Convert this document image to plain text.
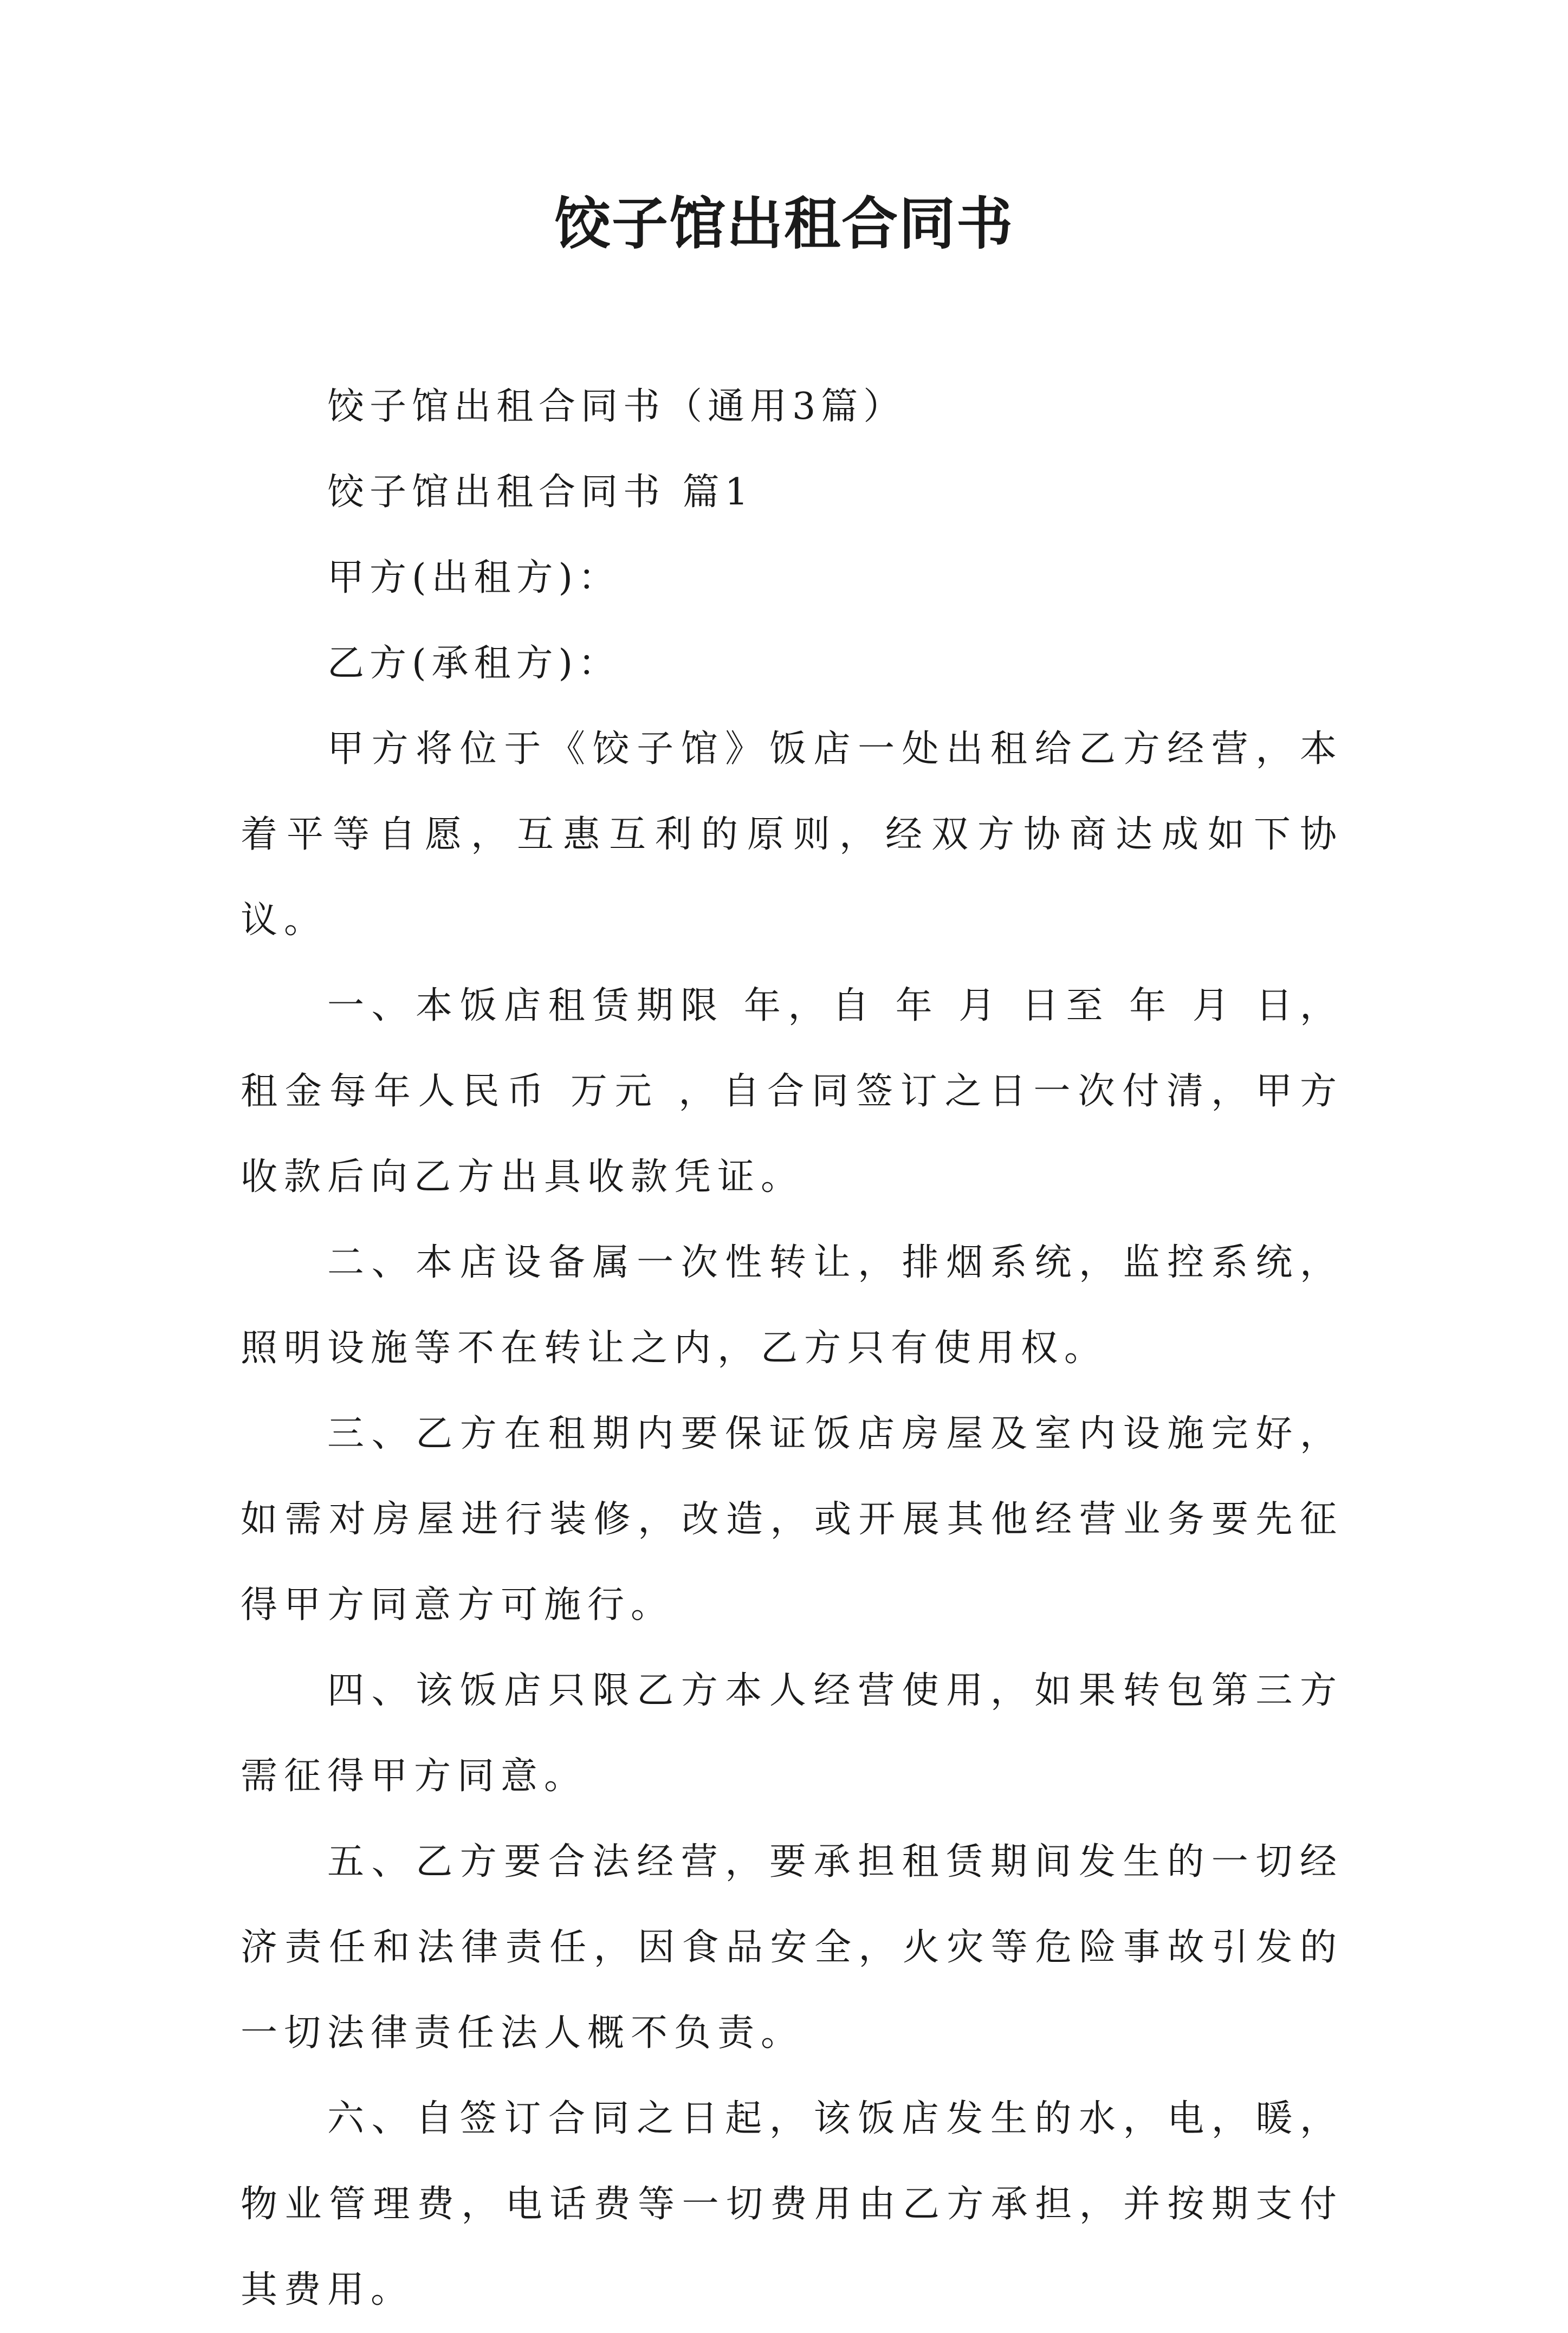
饺子馆出租合同书

饺子馆出租合同书（通用3篇）

饺子馆出租合同书 篇1

甲方(出租方)：

乙方(承租方)：

甲方将位于《饺子馆》饭店一处出租给乙方经营，本着平等自愿，互惠互利的原则，经双方协商达成如下协议。

一、本饭店租赁期限 年，自 年 月 日至 年 月 日，租金每年人民币 万元 ，自合同签订之日一次付清，甲方收款后向乙方出具收款凭证。

二、本店设备属一次性转让，排烟系统，监控系统，照明设施等不在转让之内，乙方只有使用权。

三、乙方在租期内要保证饭店房屋及室内设施完好，如需对房屋进行装修，改造，或开展其他经营业务要先征得甲方同意方可施行。

四、该饭店只限乙方本人经营使用，如果转包第三方需征得甲方同意。

五、乙方要合法经营，要承担租赁期间发生的一切经济责任和法律责任，因食品安全，火灾等危险事故引发的一切法律责任法人概不负责。

六、自签订合同之日起，该饭店发生的水，电，暖，物业管理费，电话费等一切费用由乙方承担，并按期支付其费用。
